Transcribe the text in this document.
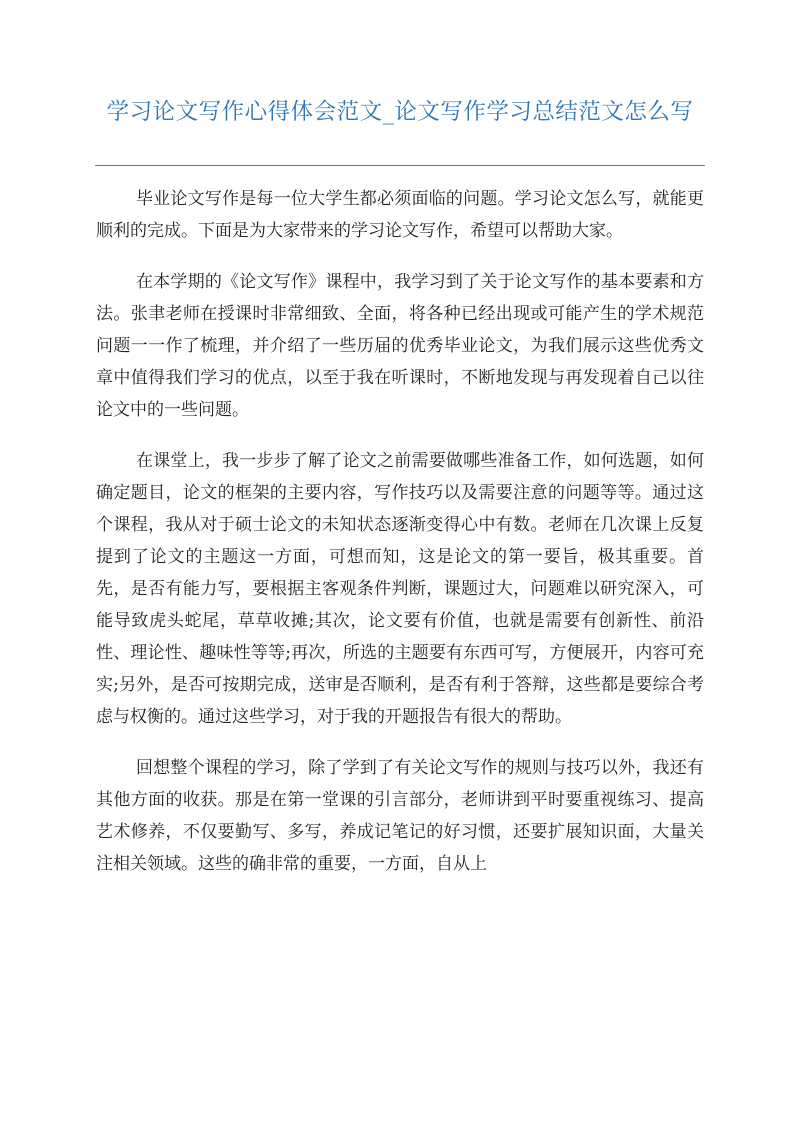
学习论文写作心得体会范文_论文写作学习总结范文怎么写

毕业论文写作是每一位大学生都必须面临的问题。学习论文怎么写，就能更顺利的完成。下面是为大家带来的学习论文写作，希望可以帮助大家。

在本学期的《论文写作》课程中，我学习到了关于论文写作的基本要素和方法。张聿老师在授课时非常细致、全面，将各种已经出现或可能产生的学术规范问题一一作了梳理，并介绍了一些历届的优秀毕业论文，为我们展示这些优秀文章中值得我们学习的优点，以至于我在听课时，不断地发现与再发现着自己以往论文中的一些问题。

在课堂上，我一步步了解了论文之前需要做哪些准备工作，如何选题，如何确定题目，论文的框架的主要内容，写作技巧以及需要注意的问题等等。通过这个课程，我从对于硕士论文的未知状态逐渐变得心中有数。老师在几次课上反复提到了论文的主题这一方面，可想而知，这是论文的第一要旨，极其重要。首先，是否有能力写，要根据主客观条件判断，课题过大，问题难以研究深入，可能导致虎头蛇尾，草草收摊;其次，论文要有价值，也就是需要有创新性、前沿性、理论性、趣味性等等;再次，所选的主题要有东西可写，方便展开，内容可充实;另外，是否可按期完成，送审是否顺利，是否有利于答辩，这些都是要综合考虑与权衡的。通过这些学习，对于我的开题报告有很大的帮助。

回想整个课程的学习，除了学到了有关论文写作的规则与技巧以外，我还有其他方面的收获。那是在第一堂课的引言部分，老师讲到平时要重视练习、提高艺术修养，不仅要勤写、多写，养成记笔记的好习惯，还要扩展知识面，大量关注相关领域。这些的确非常的重要，一方面，自从上
